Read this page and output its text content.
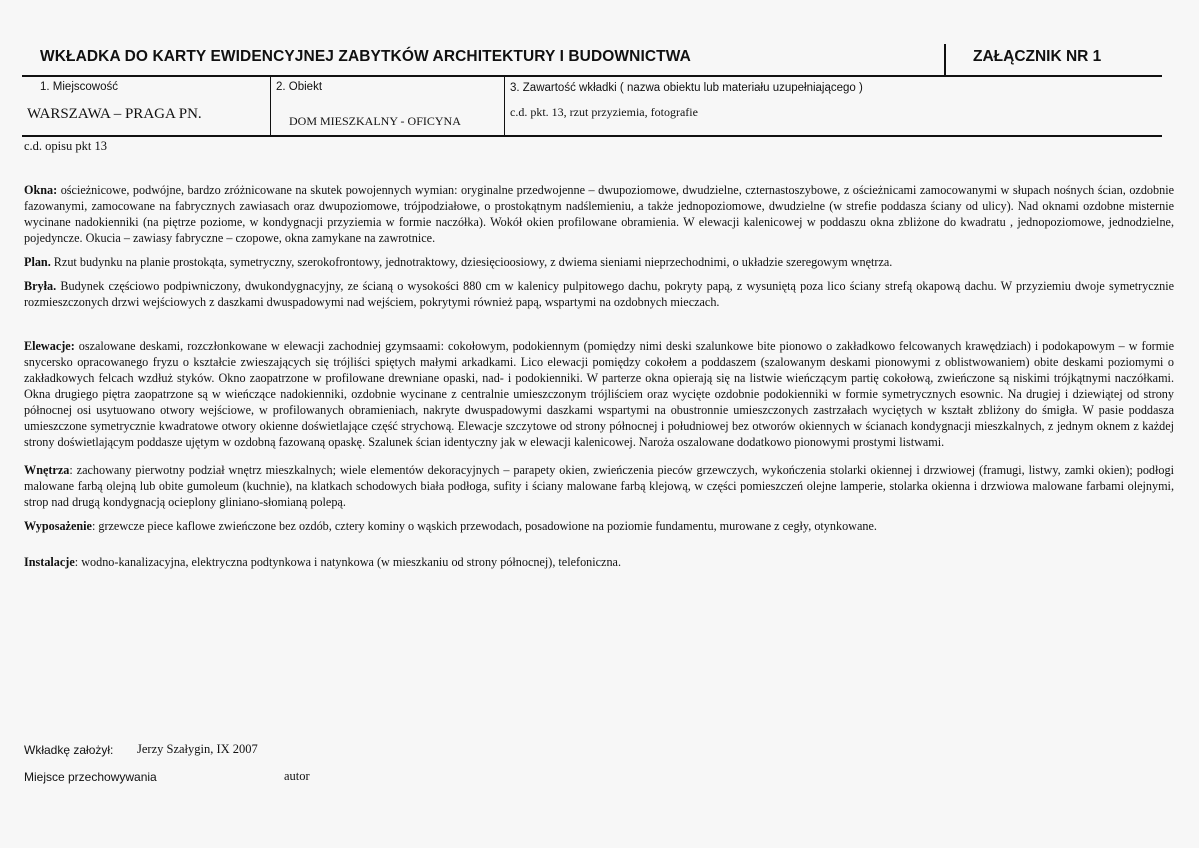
WKŁADKA DO KARTY EWIDENCYJNEJ ZABYTKÓW ARCHITEKTURY I BUDOWNICTWA	ZAŁĄCZNIK NR 1
1. Miejscowość
WARSZAWA – PRAGA PN.
2. Obiekt
DOM MIESZKALNY - OFICYNA
3. Zawartość wkładki ( nazwa obiektu lub materiału uzupełniającego )
c.d. pkt. 13, rzut przyziemia, fotografie
c.d. opisu pkt 13

Okna: ościeżnicowe, podwójne, bardzo zróżnicowane na skutek powojennych wymian: oryginalne przedwojenne – dwupoziomowe, dwudzielne, czternastoszybowe, z ościeżnicami zamocowanymi w słupach nośnych ścian, ozdobnie fazowanymi, zamocowane na fabrycznych zawiasach oraz dwupoziomowe, trójpodziałowe, o prostokątnym nadślemieniu, a także jednopoziomowe, dwudzielne (w strefie poddasza ściany od ulicy). Nad oknami ozdobne misternie wycinane nadokienniki (na piętrze poziome, w kondygnacji przyziemia w formie naczółka). Wokół okien profilowane obramienia. W elewacji kalenicowej w poddaszu okna zbliżone do kwadratu , jednopoziomowe, jednodzielne, pojedyncze. Okucia – zawiasy fabryczne – czopowe, okna zamykane na zawrotnice.

Plan. Rzut budynku na planie prostokąta, symetryczny, szerokofrontowy, jednotraktowy, dziesięcioosiowy, z dwiema sieniami nieprzechodnimi, o układzie szeregowym wnętrza.

Bryła. Budynek częściowo podpiwniczony, dwukondygnacyjny, ze ścianą o wysokości 880 cm w kalenicy pulpitowego dachu, pokryty papą, z wysuniętą poza lico ściany strefą okapową dachu. W przyziemiu dwoje symetrycznie rozmieszczonych drzwi wejściowych z daszkami dwuspadowymi nad wejściem, pokrytymi również papą, wspartymi na ozdobnych mieczach.

Elewacje: oszalowane deskami, rozczłonkowane w elewacji zachodniej gzymsaami: cokołowym, podokiennym (pomiędzy nimi deski szalunkowe bite pionowo o zakładkowo felcowanych krawędziach) i podokapowym – w formie snycersko opracowanego fryzu o kształcie zwieszających się trójliści spiętych małymi arkadkami. Lico elewacji pomiędzy cokołem a poddaszem (szalowanym deskami pionowymi z oblistwowaniem) obite deskami poziomymi o zakładkowych felcach wzdłuż styków. Okno zaopatrzone w profilowane drewniane opaski, nad- i podokienniki. W parterze okna opierają się na listwie wieńczącym partię cokołową, zwieńczone są niskimi trójkątnymi naczółkami. Okna drugiego piętra zaopatrzone są w wieńczące nadokienniki, ozdobnie wycinane z centralnie umieszczonym trójliściem oraz wycięte ozdobnie podokienniki w formie symetrycznych esownic. Na drugiej i dziewiątej od strony północnej osi usytuowano otwory wejściowe, w profilowanych obramieniach, nakryte dwuspadowymi daszkami wspartymi na obustronnie umieszczonych zastrzałach wyciętych w kształt zbliżony do śmigła. W pasie poddasza umieszczone symetrycznie kwadratowe otwory okienne doświetlające część strychową. Elewacje szczytowe od strony północnej i południowej bez otworów okiennych w ścianach kondygnacji mieszkalnych, z jednym oknem z każdej strony doświetlającym poddasze ujętym w ozdobną fazowaną opaskę. Szalunek ścian identyczny jak w elewacji kalenicowej. Naroża oszalowane dodatkowo pionowymi prostymi listwami.

Wnętrza: zachowany pierwotny podział wnętrz mieszkalnych; wiele elementów dekoracyjnych – parapety okien, zwieńczenia pieców grzewczych, wykończenia stolarki okiennej i drzwiowej (framugi, listwy, zamki okien); podłogi malowane farbą olejną lub obite gumoleum (kuchnie), na klatkach schodowych biała podłoga, sufity i ściany malowane farbą klejową, w części pomieszczeń olejne lamperie, stolarka okienna i drzwiowa malowane farbami olejnymi, strop nad drugą kondygnacją ocieplony gliniano-słomianą polepą.

Wyposażenie: grzewcze piece kaflowe zwieńczone bez ozdób, cztery kominy o wąskich przewodach, posadowione na poziomie fundamentu, murowane z cegły, otynkowane.

Instalacje: wodno-kanalizacyjna, elektryczna podtynkowa i natynkowa (w mieszkaniu od strony północnej), telefoniczna.

Wkładkę założył: Jerzy Szałygin, IX 2007
Miejsce przechowywania	autor
